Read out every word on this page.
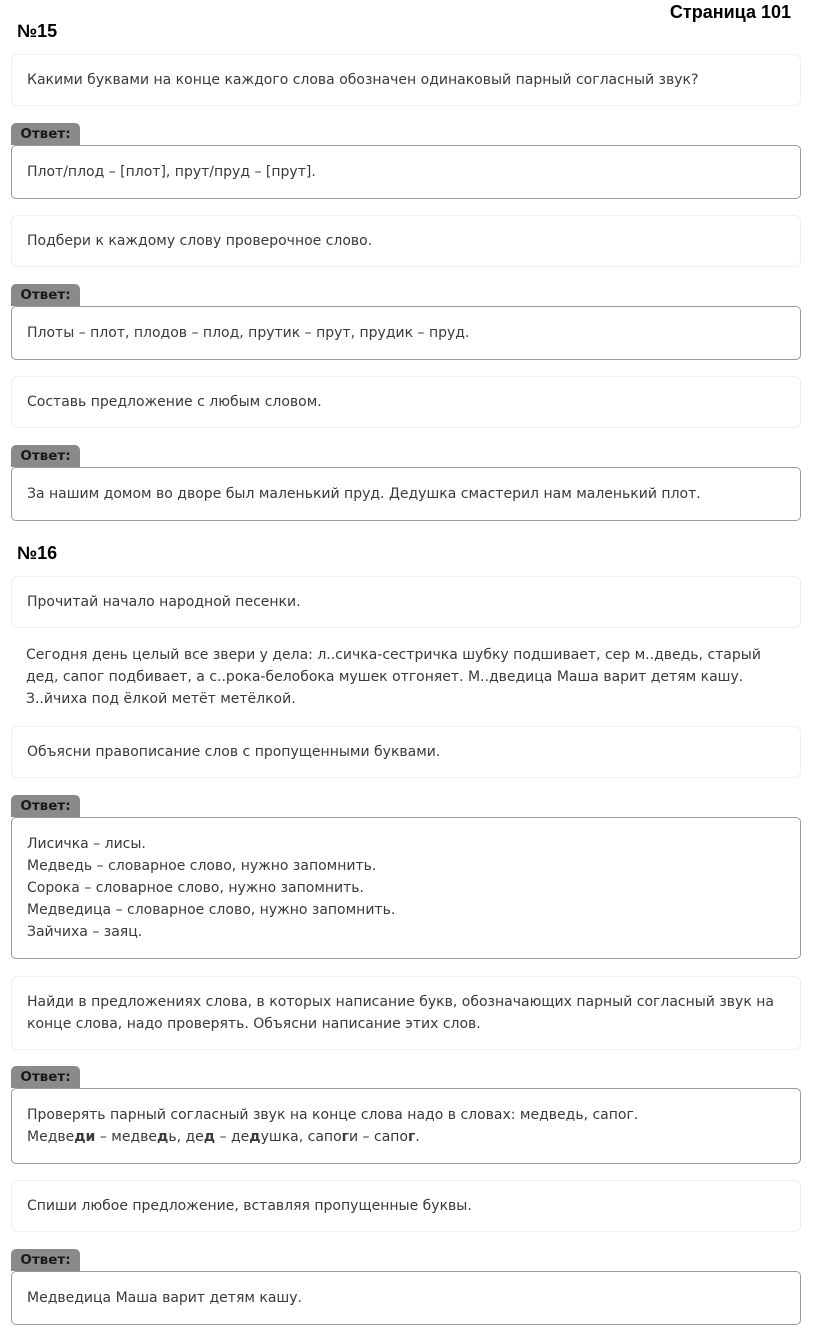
Страница 101
№15
Какими буквами на конце каждого слова обозначен одинаковый парный согласный звук?
Ответ:
Плот/плод – [плот], прут/пруд – [прут].
Подбери к каждому слову проверочное слово.
Ответ:
Плоты – плот, плодов – плод, прутик – прут, прудик – пруд.
Составь предложение с любым словом.
Ответ:
За нашим домом во дворе был маленький пруд. Дедушка смастерил нам маленький плот.
№16
Прочитай начало народной песенки.
Сегодня день целый все звери у дела: л..сичка-сестричка шубку подшивает, сер м..дведь, старый
дед, сапог подбивает, а с..рока-белобока мушек отгоняет. М..дведица Маша варит детям кашу.
З..йчиха под ёлкой метёт метёлкой.
Объясни правописание слов с пропущенными буквами.
Ответ:
Лисичка – лисы.
Медведь – словарное слово, нужно запомнить.
Сорока – словарное слово, нужно запомнить.
Медведица – словарное слово, нужно запомнить.
Зайчиха – заяц.
Найди в предложениях слова, в которых написание букв, обозначающих парный согласный звук на
конце слова, надо проверять. Объясни написание этих слов.
Ответ:
Проверять парный согласный звук на конце слова надо в словах: медведь, сапог.
Медведи – медведь, дед – дедушка, сапоги – сапог.
Спиши любое предложение, вставляя пропущенные буквы.
Ответ:
Медведица Маша варит детям кашу.
